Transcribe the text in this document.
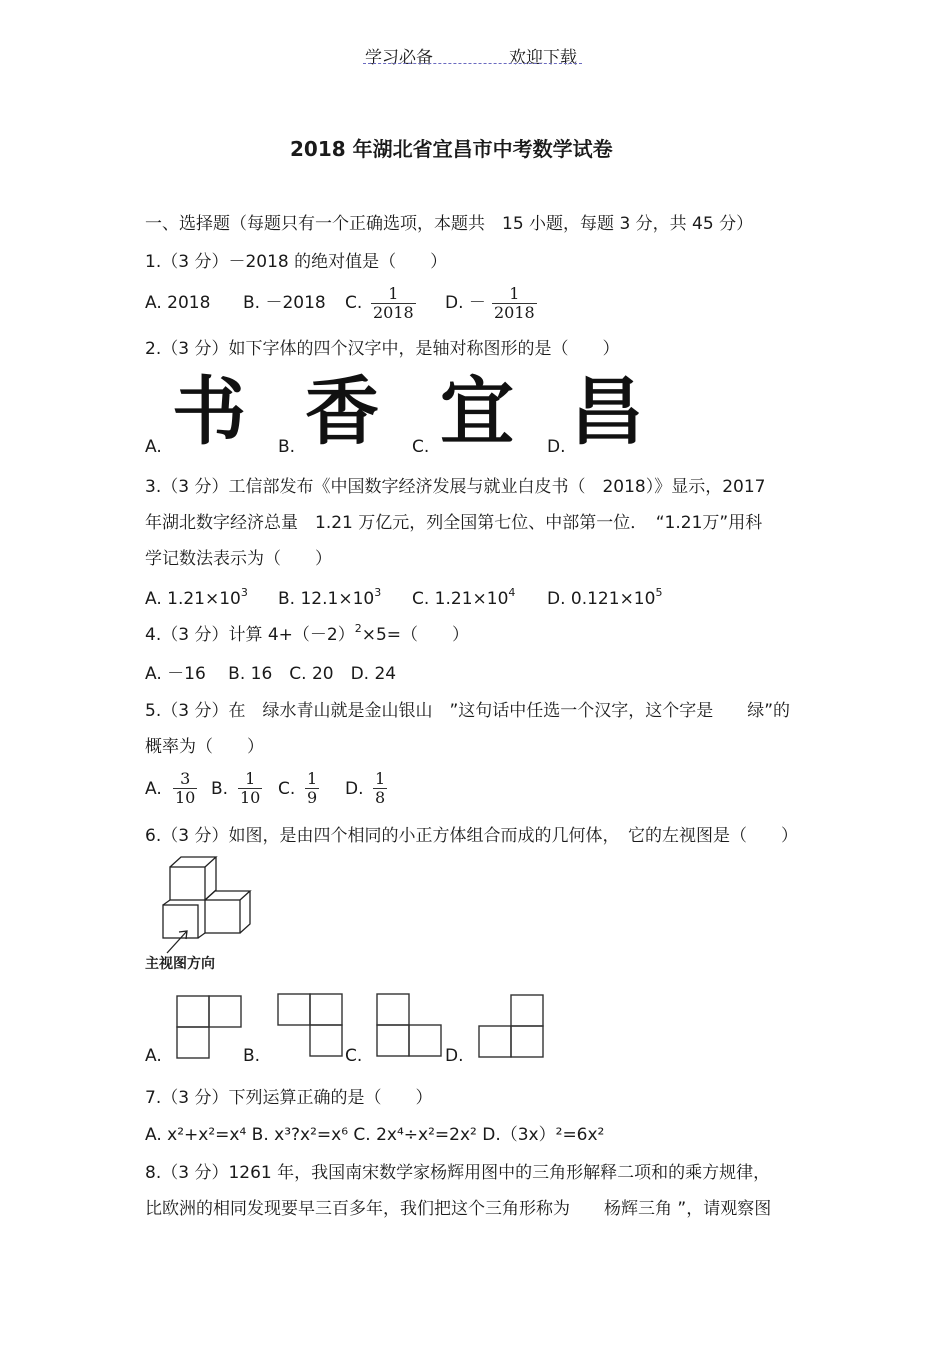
学习必备	欢迎下载
2018 年湖北省宜昌市中考数学试卷
一、选择题（每题只有一个正确选项，本题共　15 小题，每题 3 分，共 45 分）
1.（3 分）－2018 的绝对值是（　　）
A. 2018 B. －2018 C. $\frac{1}{2018} D$. － $\frac{1}{2018}$
2.（3 分）如下字体的四个汉字中，是轴对称图形的是（　　）
A. 书 B. 香 C. 宜 D. 昌
3.（3 分）工信部发布《中国数字经济发展与就业白皮书（　2018）》显示，2017
年湖北数字经济总量　1.21 万亿元，列全国第七位、中部第一位．　“1.21万”用科
学记数法表示为（　　）
A. $1.21\times 10^3$ B. $12.1\times 10^3$ C. $1.21\times 10^4$ D. $0.121\times 10^5$
4.（3 分）计算 $4+(-2)^2\times 5=$（　　）
A. －16　 B. 16　C. 20　D. 24
5.（3 分）在　绿水青山就是金山银山　”这句话中任选一个汉字，这个字是　　绿”的
概率为（　　）
A. $\frac{3}{10} B$. $\frac{1}{10} C$. $\frac{1}{9} D$. $\frac{1}{8}$
6.（3 分）如图，是由四个相同的小正方体组合而成的几何体，　它的左视图是（　　）
主视图方向
A.	B.	C.	D.
7.（3 分）下列运算正确的是（　　）
A. x²+x²=x⁴ B. x³?x²=x⁶ C. 2x⁴÷x²=2x² D.（3x）²=6x²
8.（3 分）1261 年，我国南宋数学家杨辉用图中的三角形解释二项和的乘方规律，
比欧洲的相同发现要早三百多年，我们把这个三角形称为　　杨辉三角 ”，请观察图
